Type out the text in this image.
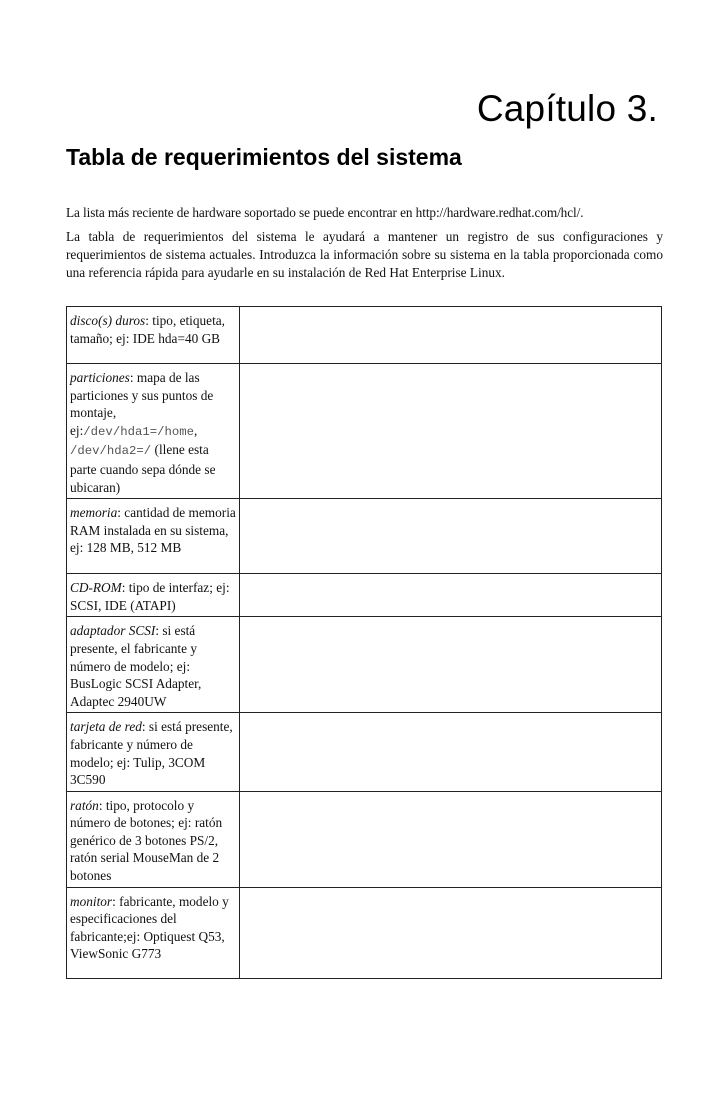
Capítulo 3.
Tabla de requerimientos del sistema

La lista más reciente de hardware soportado se puede encontrar en http://hardware.redhat.com/hcl/.

La tabla de requerimientos del sistema le ayudará a mantener un registro de sus configuraciones y requerimientos de sistema actuales. Introduzca la información sobre su sistema en la tabla proporcionada como una referencia rápida para ayudarle en su instalación de Red Hat Enterprise Linux.

disco(s) duros: tipo, etiqueta, tamaño; ej: IDE hda=40 GB	
particiones: mapa de las particiones y sus puntos de montaje, ej:/dev/hda1=/home, /dev/hda2=/ (llene esta parte cuando sepa dónde se ubicaran)	
memoria: cantidad de memoria RAM instalada en su sistema, ej: 128 MB, 512 MB	
CD-ROM: tipo de interfaz; ej: SCSI, IDE (ATAPI)	
adaptador SCSI: si está presente, el fabricante y número de modelo; ej: BusLogic SCSI Adapter, Adaptec 2940UW	
tarjeta de red: si está presente, fabricante y número de modelo; ej: Tulip, 3COM 3C590	
ratón: tipo, protocolo y número de botones; ej: ratón genérico de 3 botones PS/2, ratón serial MouseMan de 2 botones	
monitor: fabricante, modelo y especificaciones del fabricante;ej: Optiquest Q53, ViewSonic G773	
